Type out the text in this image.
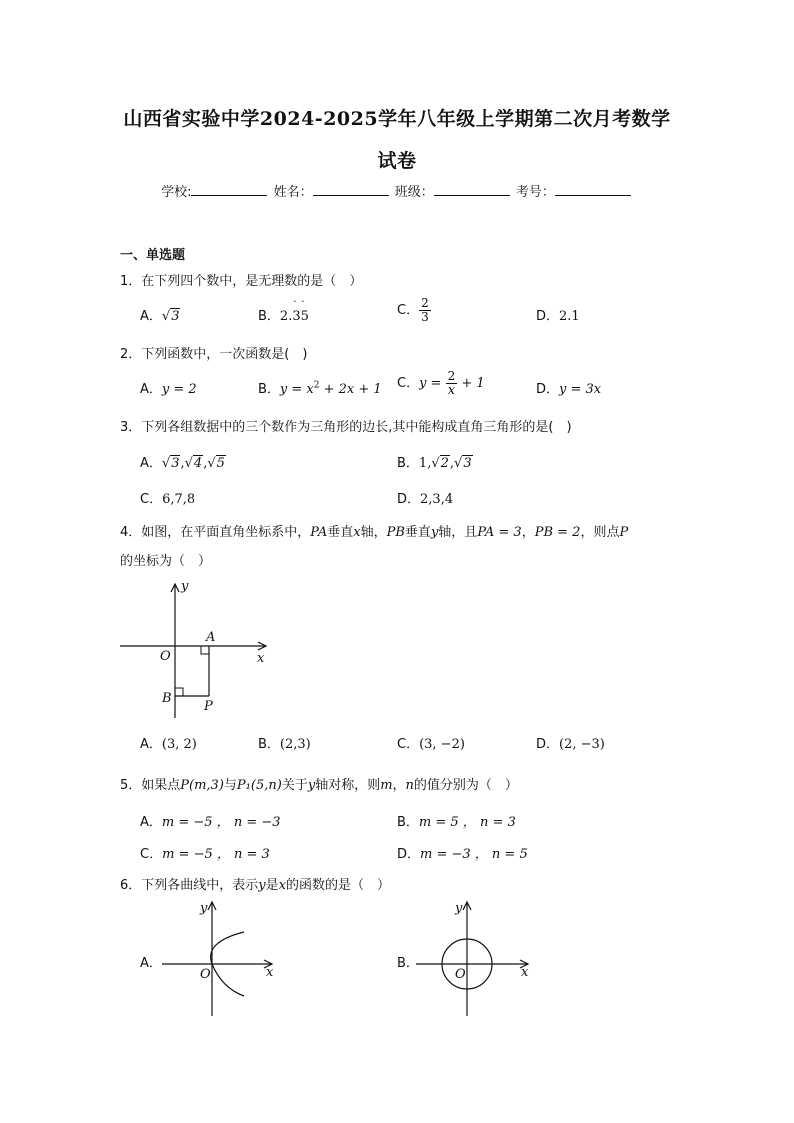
山西省实验中学2024-2025学年八年级上学期第二次月考数学
试卷
学校:	姓名：	班级：	考号：
一、单选题
1．在下列四个数中，是无理数的是（　）
A．√3	B．2.35
˙˙	C． $\frac{2}{3}$	D．2.1
2．下列函数中，一次函数是(　)
A．y = 2	B．$y = x^2 + 2x + 1$ C．$y = \frac{2}{x} + 1$	D．y = 3x
3．下列各组数据中的三个数作为三角形的边长,其中能构成直角三角形的是(　)
A．√3,√4,√5	B．1,√2,√3
C．6,7,8	D．2,3,4
4．如图，在平面直角坐标系中，PA垂直x轴，PB垂直y轴，且PA = 3，PB = 2，则点P
的坐标为（　）
y
x
O
A
B
P
A．(3, 2)	B．(2,3)	C．(3, −2)	D．(2, −3)
5．如果点P(m,3)与P₁(5,n)关于y轴对称，则m，n的值分别为（　）
A．m = −5 ， n = −3	B．m = 5 ， n = 3
C．m = −5 ， n = 3	D．m = −3 ， n = 5
6．下列各曲线中，表示y是x的函数的是（　）
A．
y
x
O
B．
y
x
O
